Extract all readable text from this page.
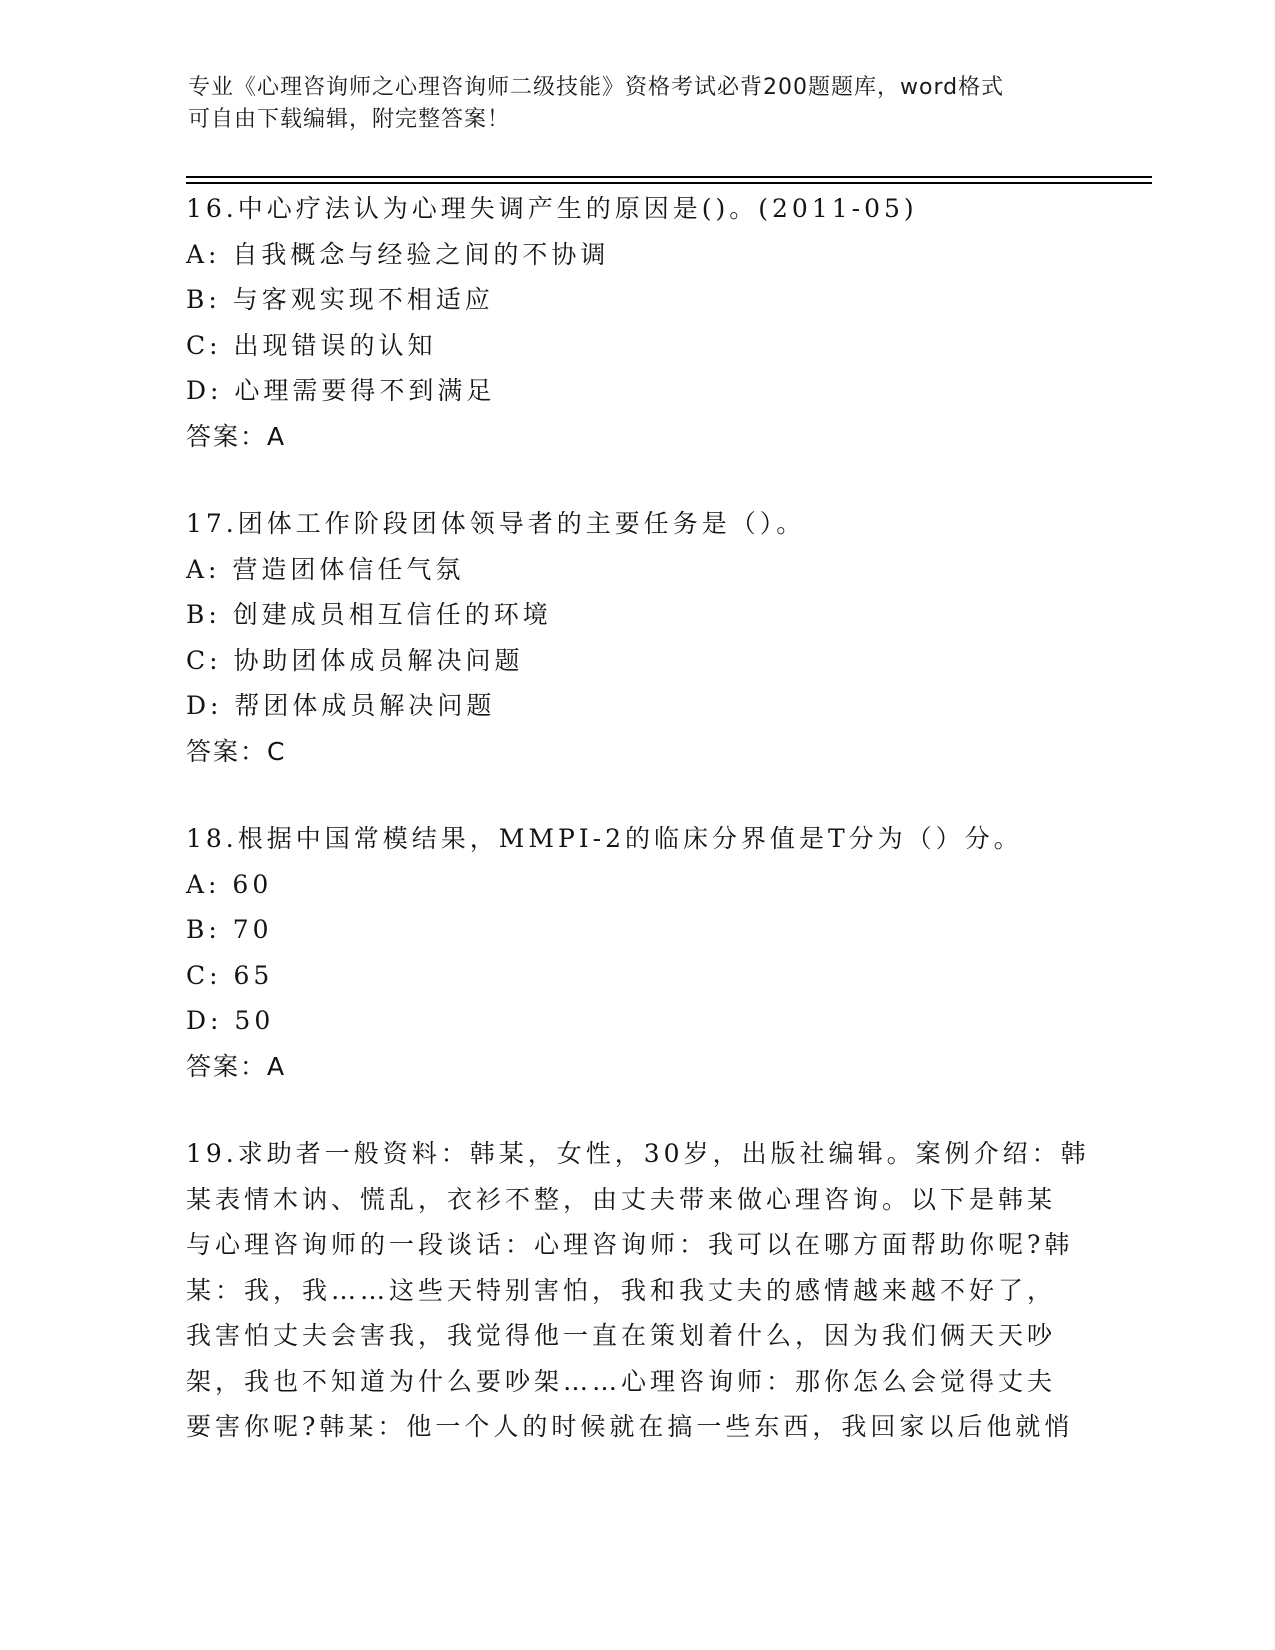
专业《心理咨询师之心理咨询师二级技能》资格考试必背200题题库，word格式
可自由下载编辑，附完整答案！
16.中心疗法认为心理失调产生的原因是()。(2011-05)
A: 自我概念与经验之间的不协调
B: 与客观实现不相适应
C: 出现错误的认知
D: 心理需要得不到满足
答案：A
17.团体工作阶段团体领导者的主要任务是（）。
A: 营造团体信任气氛
B: 创建成员相互信任的环境
C: 协助团体成员解决问题
D: 帮团体成员解决问题
答案：C
18.根据中国常模结果，MMPI-2的临床分界值是T分为（）分。
A: 60
B: 70
C: 65
D: 50
答案：A
19.求助者一般资料：韩某，女性，30岁，出版社编辑。案例介绍：韩
某表情木讷、慌乱，衣衫不整，由丈夫带来做心理咨询。以下是韩某
与心理咨询师的一段谈话：心理咨询师：我可以在哪方面帮助你呢?韩
某：我，我……这些天特别害怕，我和我丈夫的感情越来越不好了，
我害怕丈夫会害我，我觉得他一直在策划着什么，因为我们俩天天吵
架，我也不知道为什么要吵架……心理咨询师：那你怎么会觉得丈夫
要害你呢?韩某：他一个人的时候就在搞一些东西，我回家以后他就悄
